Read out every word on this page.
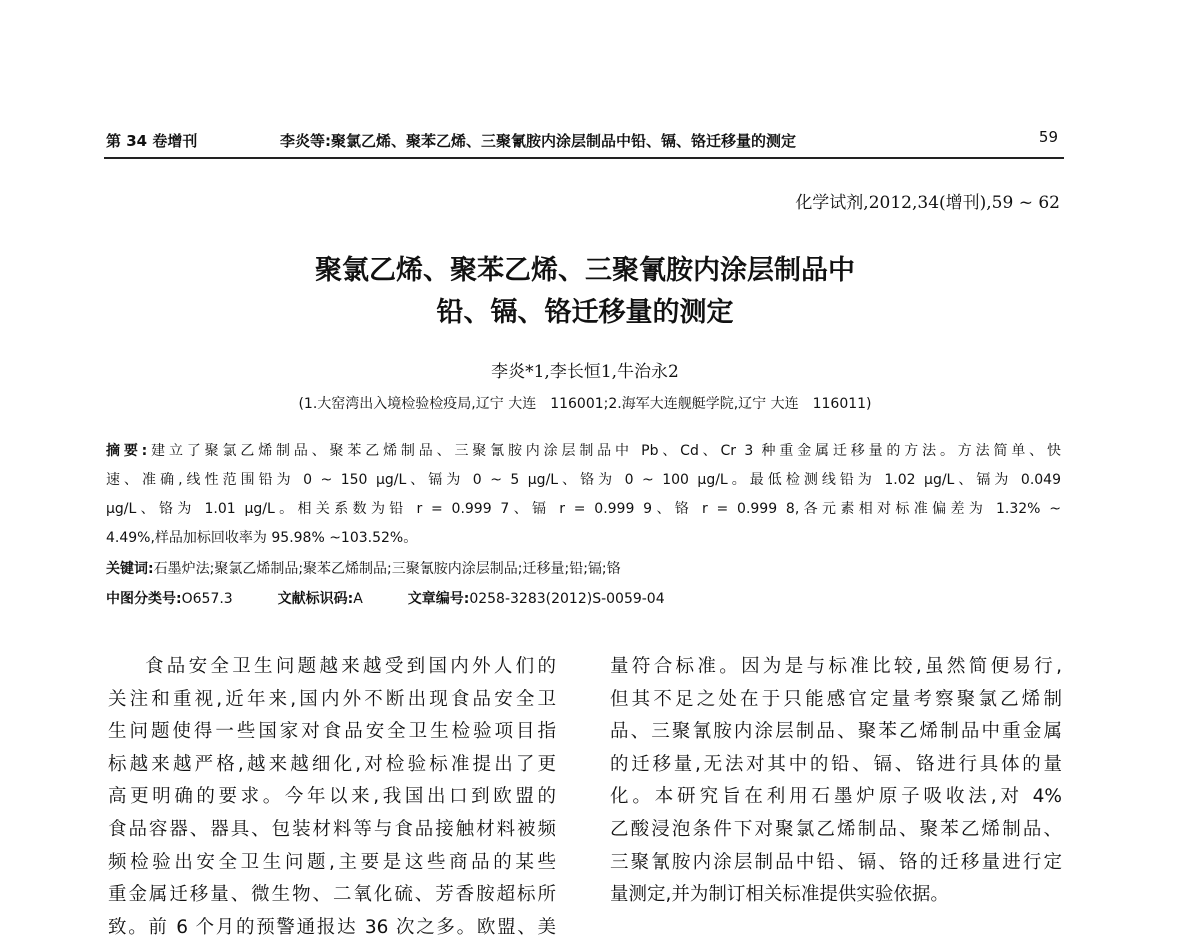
第 34 卷增刊	李炎等:聚氯乙烯、聚苯乙烯、三聚氰胺内涂层制品中铅、镉、铬迁移量的测定	59
化学试剂,2012,34(增刊),59 ~ 62
聚氯乙烯、聚苯乙烯、三聚氰胺内涂层制品中
铅、镉、铬迁移量的测定
李炎*1,李长恒1,牛治永2
(1.大窑湾出入境检验检疫局,辽宁 大连　116001;2.海军大连舰艇学院,辽宁 大连　116011)
摘要:建立了聚氯乙烯制品、聚苯乙烯制品、三聚氰胺内涂层制品中 Pb、Cd、Cr 3 种重金属迁移量的方法。方法简单、快
速、准确,线性范围铅为 0 ~ 150 μg/L、镉为 0 ~ 5 μg/L、铬为 0 ~ 100 μg/L。最低检测线铅为 1.02 μg/L、镉为 0.049
μg/L、铬为 1.01 μg/L。相关系数为铅 r = 0.999 7、镉 r = 0.999 9、铬 r = 0.999 8,各元素相对标准偏差为 1.32% ~
4.49%,样品加标回收率为 95.98% ~103.52%。
关键词:石墨炉法;聚氯乙烯制品;聚苯乙烯制品;三聚氰胺内涂层制品;迁移量;铅;镉;铬
中图分类号:O657.3	文献标识码:A	文章编号:0258-3283(2012)S-0059-04
食品安全卫生问题越来越受到国内外人们的
关注和重视,近年来,国内外不断出现食品安全卫
生问题使得一些国家对食品安全卫生检验项目指
标越来越严格,越来越细化,对检验标准提出了更
高更明确的要求。今年以来,我国出口到欧盟的
食品容器、器具、包装材料等与食品接触材料被频
频检验出安全卫生问题,主要是这些商品的某些
重金属迁移量、微生物、二氧化硫、芳香胺超标所
致。前 6 个月的预警通报达 36 次之多。欧盟、美
量符合标准。因为是与标准比较,虽然简便易行,
但其不足之处在于只能感官定量考察聚氯乙烯制
品、三聚氰胺内涂层制品、聚苯乙烯制品中重金属
的迁移量,无法对其中的铅、镉、铬进行具体的量
化。本研究旨在利用石墨炉原子吸收法,对 4%
乙酸浸泡条件下对聚氯乙烯制品、聚苯乙烯制品、
三聚氰胺内涂层制品中铅、镉、铬的迁移量进行定
量测定,并为制订相关标准提供实验依据。
